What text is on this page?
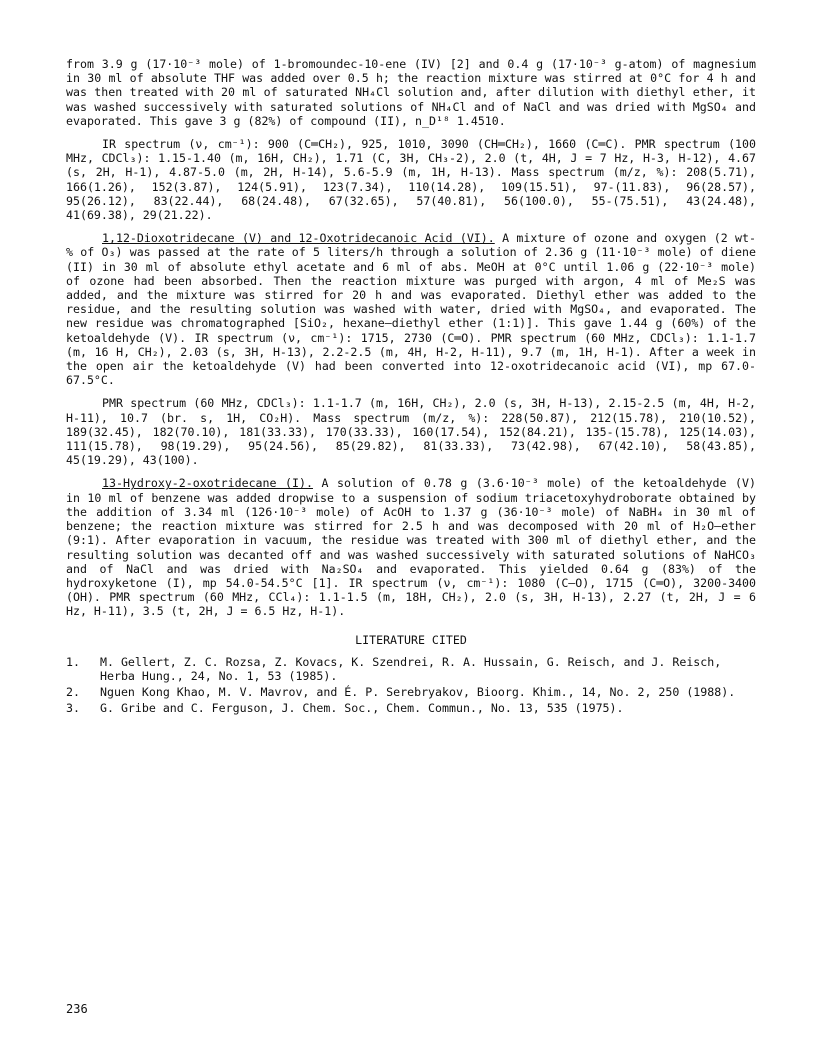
from 3.9 g (17·10⁻³ mole) of 1-bromoundec-10-ene (IV) [2] and 0.4 g (17·10⁻³ g-atom) of magnesium in 30 ml of absolute THF was added over 0.5 h; the reaction mixture was stirred at 0°C for 4 h and was then treated with 20 ml of saturated NH₄Cl solution and, after dilution with diethyl ether, it was washed successively with saturated solutions of NH₄Cl and of NaCl and was dried with MgSO₄ and evaporated. This gave 3 g (82%) of compound (II), n_D¹⁸ 1.4510.

IR spectrum (ν, cm⁻¹): 900 (C═CH₂), 925, 1010, 3090 (CH═CH₂), 1660 (C═C). PMR spectrum (100 MHz, CDCl₃): 1.15-1.40 (m, 16H, CH₂), 1.71 (C, 3H, CH₃-2), 2.0 (t, 4H, J = 7 Hz, H-3, H-12), 4.67 (s, 2H, H-1), 4.87-5.0 (m, 2H, H-14), 5.6-5.9 (m, 1H, H-13). Mass spectrum (m/z, %): 208(5.71), 166(1.26), 152(3.87), 124(5.91), 123(7.34), 110(14.28), 109(15.51), 97-(11.83), 96(28.57), 95(26.12), 83(22.44), 68(24.48), 67(32.65), 57(40.81), 56(100.0), 55-(75.51), 43(24.48), 41(69.38), 29(21.22).

1,12-Dioxotridecane (V) and 12-Oxotridecanoic Acid (VI). A mixture of ozone and oxygen (2 wt-% of O₃) was passed at the rate of 5 liters/h through a solution of 2.36 g (11·10⁻³ mole) of diene (II) in 30 ml of absolute ethyl acetate and 6 ml of abs. MeOH at 0°C until 1.06 g (22·10⁻³ mole) of ozone had been absorbed. Then the reaction mixture was purged with argon, 4 ml of Me₂S was added, and the mixture was stirred for 20 h and was evaporated. Diethyl ether was added to the residue, and the resulting solution was washed with water, dried with MgSO₄, and evaporated. The new residue was chromatographed [SiO₂, hexane–diethyl ether (1:1)]. This gave 1.44 g (60%) of the ketoaldehyde (V). IR spectrum (ν, cm⁻¹): 1715, 2730 (C═O). PMR spectrum (60 MHz, CDCl₃): 1.1-1.7 (m, 16 H, CH₂), 2.03 (s, 3H, H-13), 2.2-2.5 (m, 4H, H-2, H-11), 9.7 (m, 1H, H-1). After a week in the open air the ketoaldehyde (V) had been converted into 12-oxotridecanoic acid (VI), mp 67.0-67.5°C.

PMR spectrum (60 MHz, CDCl₃): 1.1-1.7 (m, 16H, CH₂), 2.0 (s, 3H, H-13), 2.15-2.5 (m, 4H, H-2, H-11), 10.7 (br. s, 1H, CO₂H). Mass spectrum (m/z, %): 228(50.87), 212(15.78), 210(10.52), 189(32.45), 182(70.10), 181(33.33), 170(33.33), 160(17.54), 152(84.21), 135-(15.78), 125(14.03), 111(15.78), 98(19.29), 95(24.56), 85(29.82), 81(33.33), 73(42.98), 67(42.10), 58(43.85), 45(19.29), 43(100).

13-Hydroxy-2-oxotridecane (I). A solution of 0.78 g (3.6·10⁻³ mole) of the ketoaldehyde (V) in 10 ml of benzene was added dropwise to a suspension of sodium triacetoxyhydroborate obtained by the addition of 3.34 ml (126·10⁻³ mole) of AcOH to 1.37 g (36·10⁻³ mole) of NaBH₄ in 30 ml of benzene; the reaction mixture was stirred for 2.5 h and was decomposed with 20 ml of H₂O–ether (9:1). After evaporation in vacuum, the residue was treated with 300 ml of diethyl ether, and the resulting solution was decanted off and was washed successively with saturated solutions of NaHCO₃ and of NaCl and was dried with Na₂SO₄ and evaporated. This yielded 0.64 g (83%) of the hydroxyketone (I), mp 54.0-54.5°C [1]. IR spectrum (ν, cm⁻¹): 1080 (C–O), 1715 (C═O), 3200-3400 (OH). PMR spectrum (60 MHz, CCl₄): 1.1-1.5 (m, 18H, CH₂), 2.0 (s, 3H, H-13), 2.27 (t, 2H, J = 6 Hz, H-11), 3.5 (t, 2H, J = 6.5 Hz, H-1).

LITERATURE CITED
1.	M. Gellert, Z. C. Rozsa, Z. Kovacs, K. Szendrei, R. A. Hussain, G. Reisch, and J. Reisch, Herba Hung., 24, No. 1, 53 (1985).
2.	Nguen Kong Khao, M. V. Mavrov, and É. P. Serebryakov, Bioorg. Khim., 14, No. 2, 250 (1988).
3.	G. Gribe and C. Ferguson, J. Chem. Soc., Chem. Commun., No. 13, 535 (1975).
236
